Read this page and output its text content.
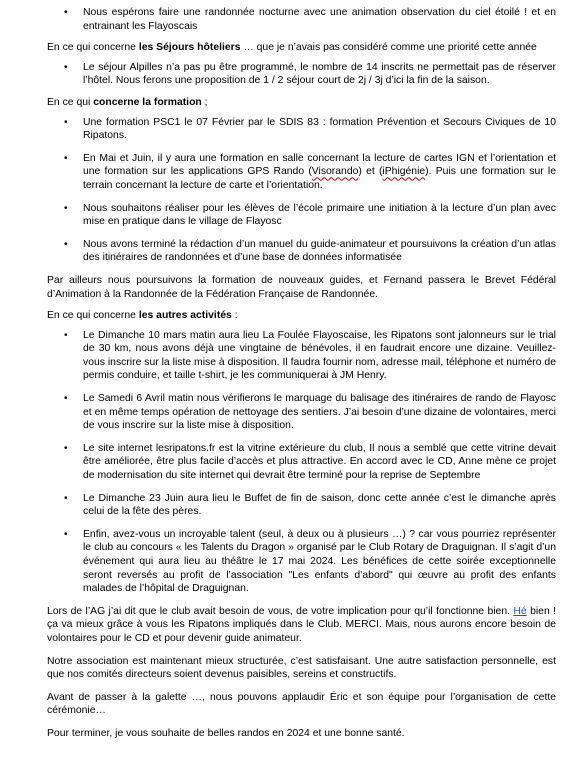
• Nous espérons faire une randonnée nocturne avec une animation observation du ciel étoilé ! et en entrainant les Flayoscais

En ce qui concerne les Séjours hôteliers … que je n’avais pas considéré comme une priorité cette année

• Le séjour Alpilles n’a pas pu être programmé, le nombre de 14 inscrits ne permettait pas de réserver l’hôtel. Nous ferons une proposition de 1 / 2 séjour court de 2j / 3j d’ici la fin de la saison.

En ce qui concerne la formation ;

• Une formation PSC1 le 07 Février par le SDIS 83 : formation Prévention et Secours Civiques de 10 Ripatons.
• En Mai et Juin, il y aura une formation en salle concernant la lecture de cartes IGN et l’orientation et une formation sur les applications GPS Rando (Visorando) et (iPhigénie). Puis une formation sur le terrain concernant la lecture de carte et l’orientation.
• Nous souhaitons réaliser pour les élèves de l’école primaire une initiation à la lecture d’un plan avec mise en pratique dans le village de Flayosc
• Nous avons terminé la rédaction d’un manuel du guide-animateur et poursuivons la création d’un atlas des itinéraires de randonnées et d’une base de données informatisée

Par ailleurs nous poursuivons la formation de nouveaux guides, et Fernand passera le Brevet Fédéral d’Animation à la Randonnée de la Fédération Française de Randonnée.

En ce qui concerne les autres activités :

• Le Dimanche 10 mars matin aura lieu La Foulée Flayoscaise, les Ripatons sont jalonneurs sur le trial de 30 km, nous avons déjà une vingtaine de bénévoles, il en faudrait encore une dizaine. Veuillez-vous inscrire sur la liste mise à disposition. Il faudra fournir nom, adresse mail, téléphone et numéro de permis conduire, et taille t-shirt, je les communiquerai à JM Henry.
• Le Samedi 6 Avril matin nous vérifierons le marquage du balisage des itinéraires de rando de Flayosc et en même temps opération de nettoyage des sentiers. J’ai besoin d’une dizaine de volontaires, merci de vous inscrire sur la liste mise à disposition.
• Le site internet lesripatons.fr est la vitrine extérieure du club, Il nous a semblé que cette vitrine devait être améliorée, être plus facile d’accès et plus attractive. En accord avec le CD, Anne mène ce projet de modernisation du site internet qui devrait être terminé pour la reprise de Septembre
• Le Dimanche 23 Juin aura lieu le Buffet de fin de saison, donc cette année c’est le dimanche après celui de la fête des pères.
• Enfin, avez-vous un incroyable talent (seul, à deux ou à plusieurs …) ? car vous pourriez représenter le club au concours « les Talents du Dragon » organisé par le Club Rotary de Draguignan. Il s’agit d’un événement qui aura lieu au théâtre le 17 mai 2024. Les bénéfices de cette soirée exceptionnelle seront reversés au profit de l’association "Les enfants d’abord" qui œuvre au profit des enfants malades de l’hôpital de Draguignan.

Lors de l’AG j’ai dit que le club avait besoin de vous, de votre implication pour qu’il fonctionne bien. Hé bien ! ça va mieux grâce à vous les Ripatons impliqués dans le Club. MERCI. Mais, nous aurons encore besoin de volontaires pour le CD et pour devenir guide animateur.

Notre association est maintenant mieux structurée, c’est satisfaisant. Une autre satisfaction personnelle, est que nos comités directeurs soient devenus paisibles, sereins et constructifs.

Avant de passer à la galette …, nous pouvons applaudir Éric et son équipe pour l’organisation de cette cérémonie…

Pour terminer, je vous souhaite de belles randos en 2024 et une bonne santé.
